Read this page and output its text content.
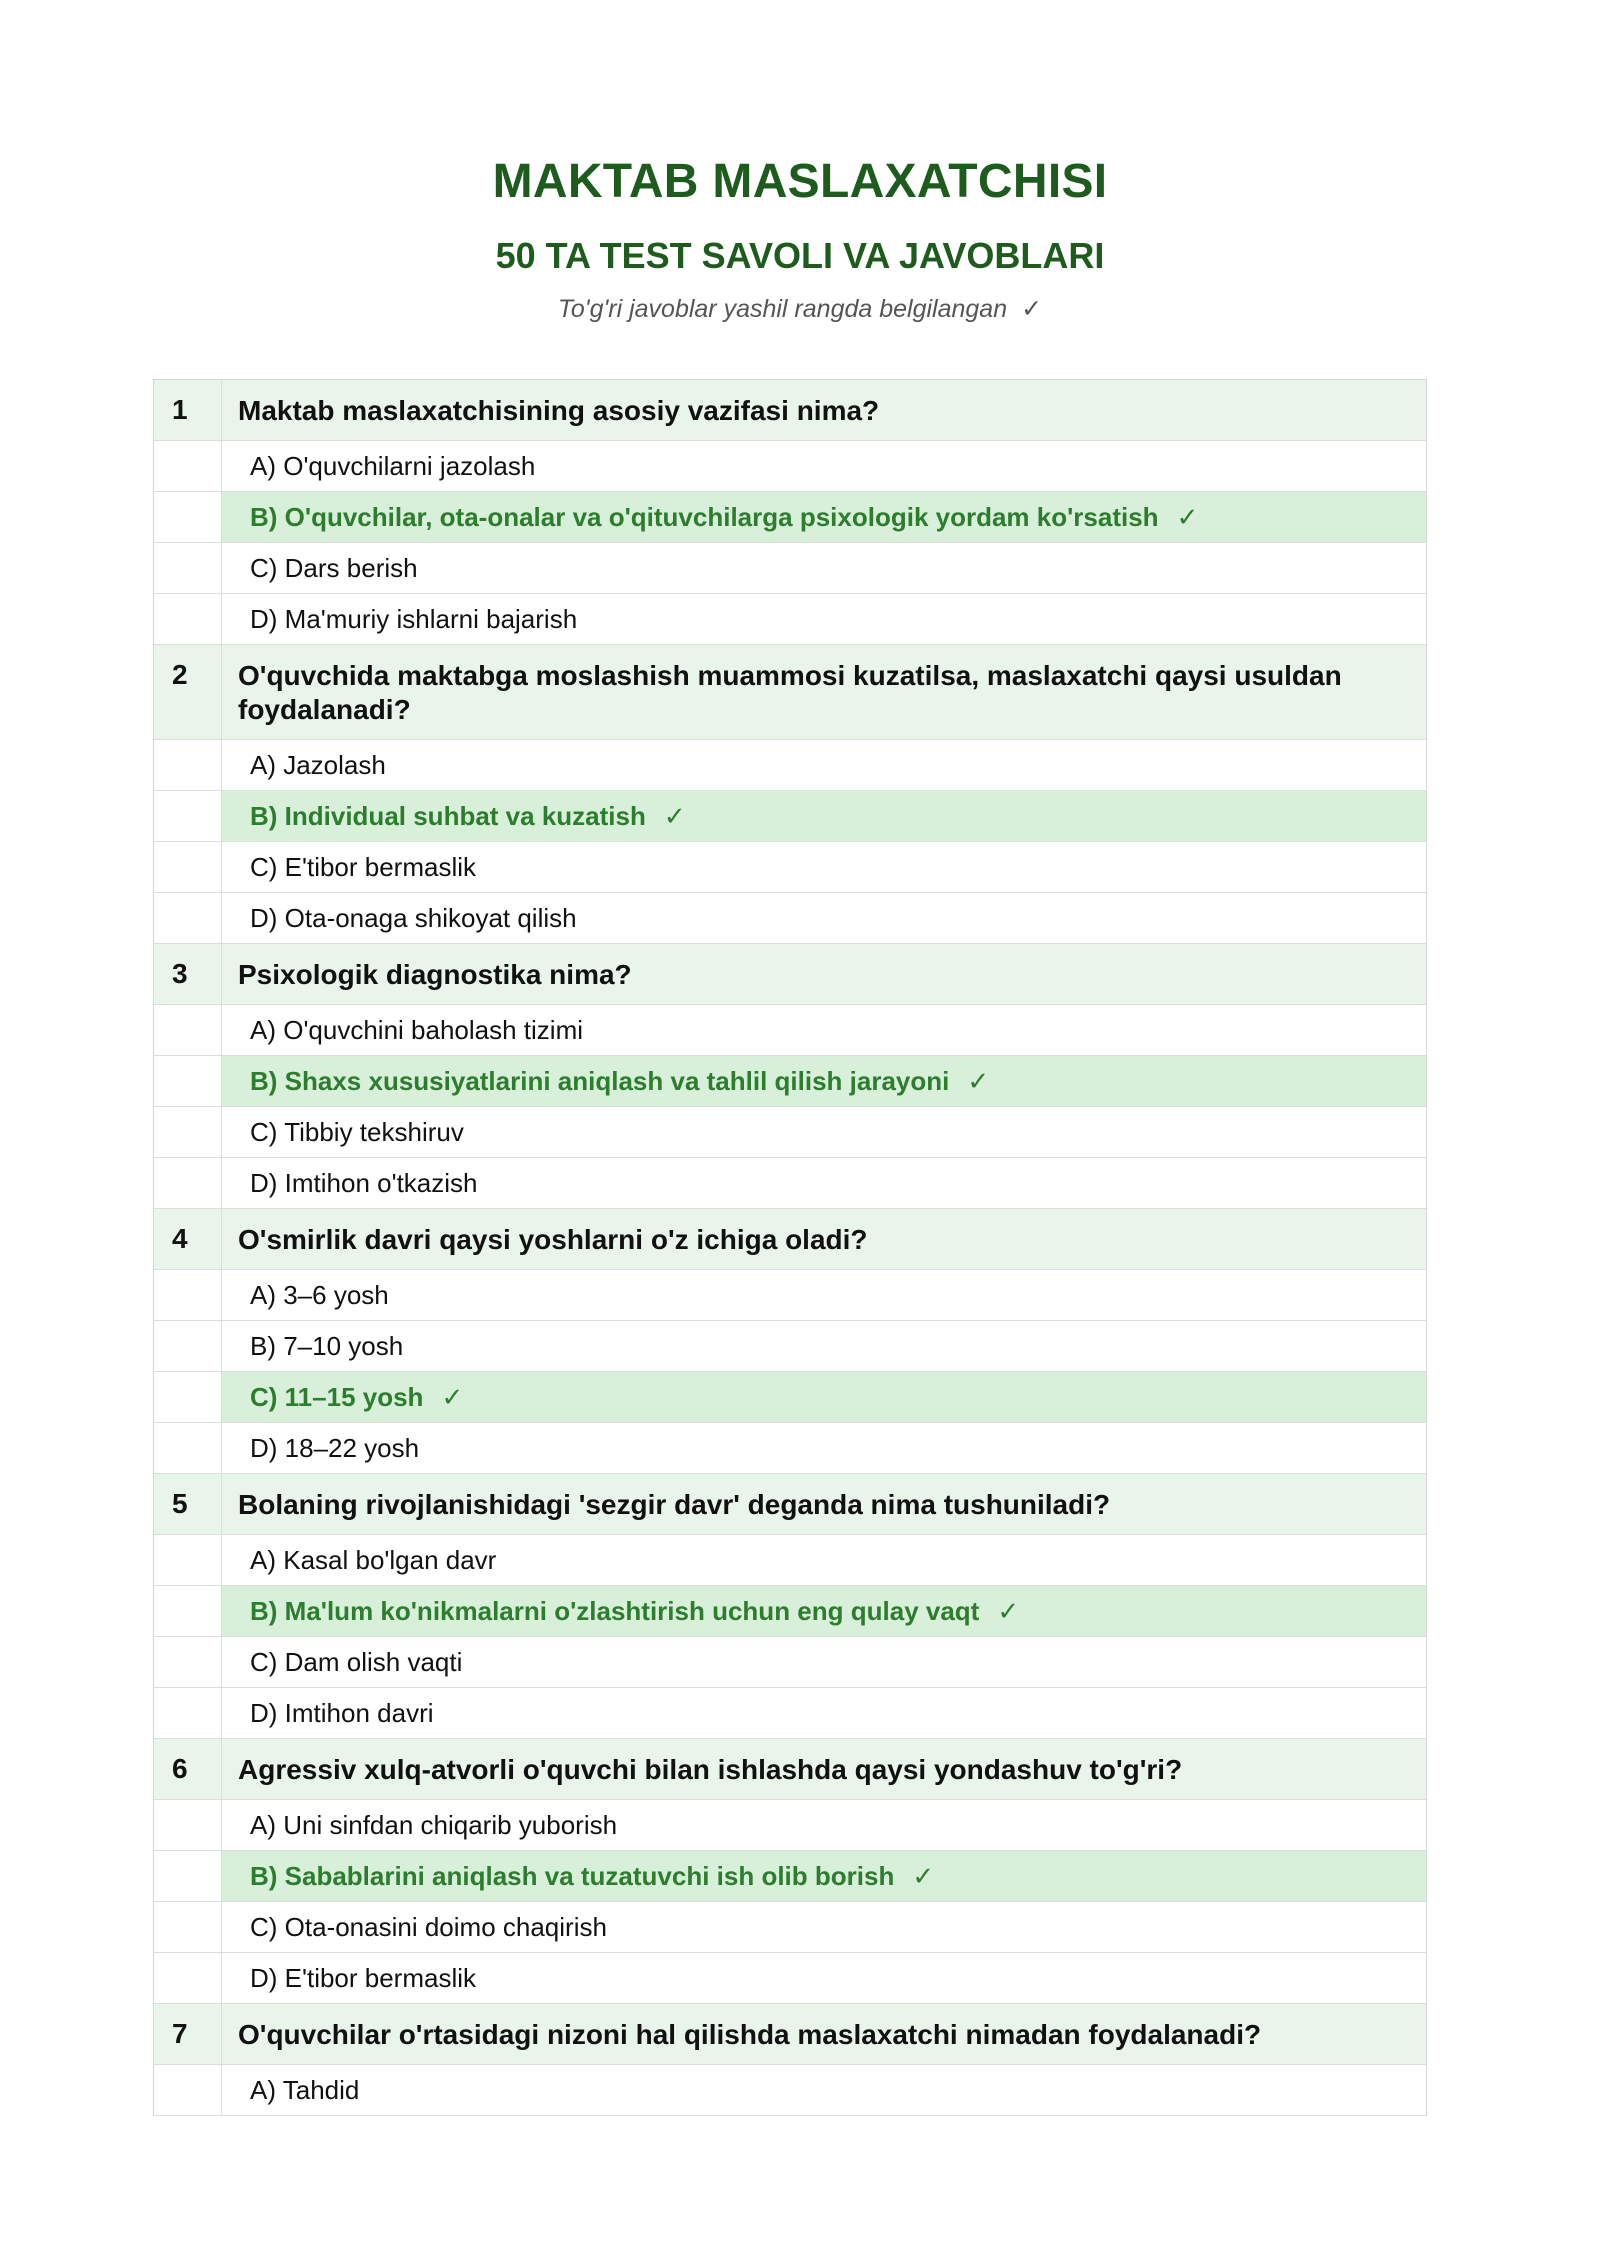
MAKTAB MASLAXATCHISI
50 TA TEST SAVOLI VA JAVOBLARI
To'g'ri javoblar yashil rangda belgilangan ✓
1	Maktab maslaxatchisining asosiy vazifasi nima?
A) O'quvchilarni jazolash
B) O'quvchilar, ota-onalar va o'qituvchilarga psixologik yordam ko'rsatish ✓
C) Dars berish
D) Ma'muriy ishlarni bajarish
2	O'quvchida maktabga moslashish muammosi kuzatilsa, maslaxatchi qaysi usuldan foydalanadi?
A) Jazolash
B) Individual suhbat va kuzatish ✓
C) E'tibor bermaslik
D) Ota-onaga shikoyat qilish
3	Psixologik diagnostika nima?
A) O'quvchini baholash tizimi
B) Shaxs xususiyatlarini aniqlash va tahlil qilish jarayoni ✓
C) Tibbiy tekshiruv
D) Imtihon o'tkazish
4	O'smirlik davri qaysi yoshlarni o'z ichiga oladi?
A) 3–6 yosh
B) 7–10 yosh
C) 11–15 yosh ✓
D) 18–22 yosh
5	Bolaning rivojlanishidagi 'sezgir davr' deganda nima tushuniladi?
A) Kasal bo'lgan davr
B) Ma'lum ko'nikmalarni o'zlashtirish uchun eng qulay vaqt ✓
C) Dam olish vaqti
D) Imtihon davri
6	Agressiv xulq-atvorli o'quvchi bilan ishlashda qaysi yondashuv to'g'ri?
A) Uni sinfdan chiqarib yuborish
B) Sabablarini aniqlash va tuzatuvchi ish olib borish ✓
C) Ota-onasini doimo chaqirish
D) E'tibor bermaslik
7	O'quvchilar o'rtasidagi nizoni hal qilishda maslaxatchi nimadan foydalanadi?
A) Tahdid
